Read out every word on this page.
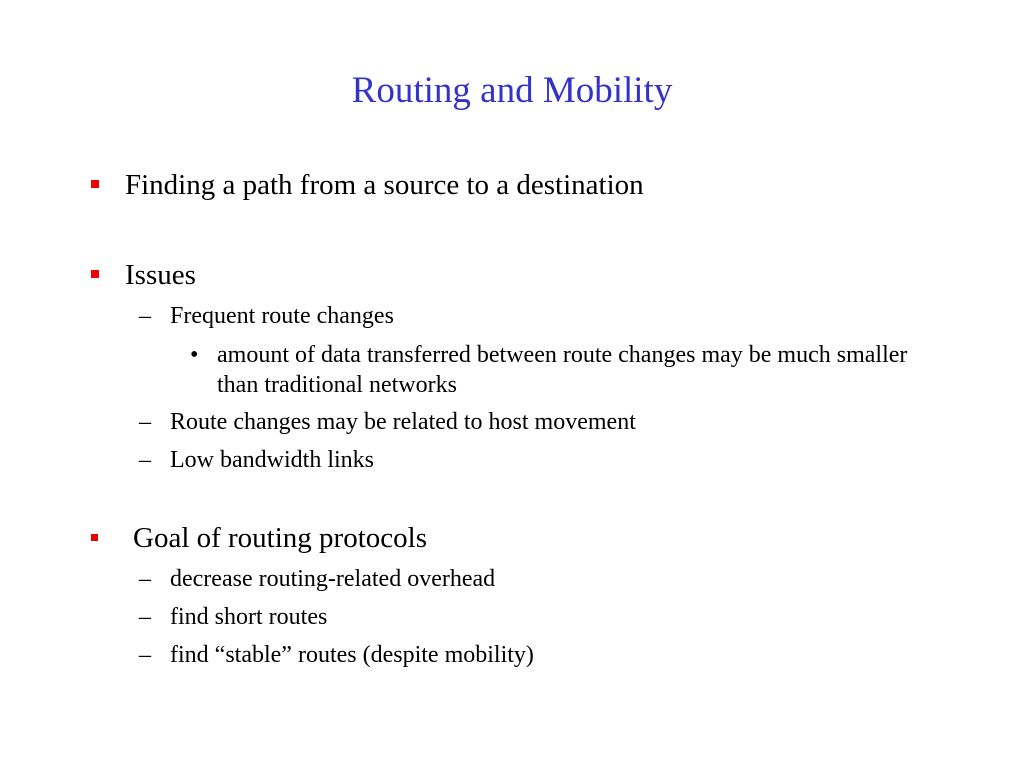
Routing and Mobility
Finding a path from a source to a destination
Issues
– Frequent route changes
• amount of data transferred between route changes may be much smaller than traditional networks
– Route changes may be related to host movement
– Low bandwidth links
Goal of routing protocols
– decrease routing-related overhead
– find short routes
– find “stable” routes (despite mobility)
